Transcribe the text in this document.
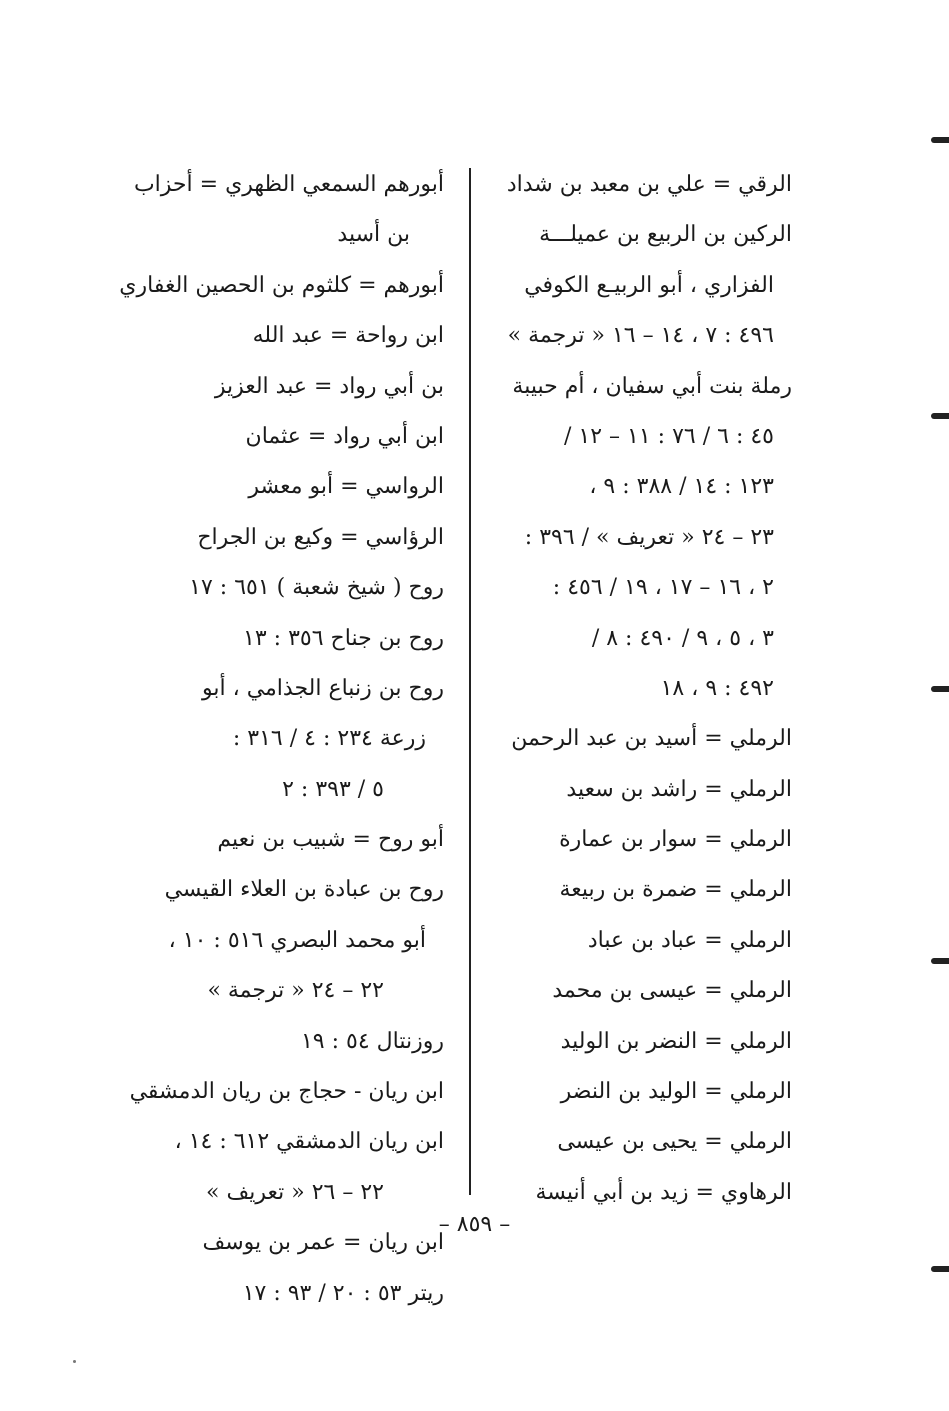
الرقي = علي بن معبد بن شداد
الركين بن الربيع بن عميلـــة
الفزاري ، أبو الربيـع الكوفي
٤٩٦ : ٧ ، ١٤ – ١٦ « ترجمة »
رملة بنت أبي سفيان ، أم حبيبة
٤٥ : ٦ / ٧٦ : ١١ – ١٢ /
١٢٣ : ١٤ / ٣٨٨ : ٩ ،
٢٣ – ٢٤ « تعريف » / ٣٩٦ :
٢ ، ١٦ – ١٧ ، ١٩ / ٤٥٦ :
٣ ، ٥ ، ٩ / ٤٩٠ : ٨ /
٤٩٢ : ٩ ، ١٨
الرملي = أسيد بن عبد الرحمن
الرملي = راشد بن سعيد
الرملي = سوار بن عمارة
الرملي = ضمرة بن ربيعة
الرملي = عباد بن عباد
الرملي = عيسى بن محمد
الرملي = النضر بن الوليد
الرملي = الوليد بن النضر
الرملي = يحيى بن عيسى
الرهاوي = زيد بن أبي أنيسة
أبورهم السمعي الظهري = أحزاب
بن أسيد
أبورهم = كلثوم بن الحصين الغفاري
ابن رواحة = عبد الله
بن أبي رواد = عبد العزيز
ابن أبي رواد = عثمان
الرواسي = أبو معشر
الرؤاسي = وكيع بن الجراح
روح ( شيخ شعبة ) ٦٥١ : ١٧
روح بن جناح ٣٥٦ : ١٣
روح بن زنباع الجذامي ، أبو
زرعة ٢٣٤ : ٤ / ٣١٦ :
٥ / ٣٩٣ : ٢
أبو روح = شبيب بن نعيم
روح بن عبادة بن العلاء القيسي
أبو محمد البصري ٥١٦ : ١٠ ،
٢٢ – ٢٤ « ترجمة »
روزنتال ٥٤ : ١٩
ابن ريان - حجاج بن ريان الدمشقي
ابن ريان الدمشقي ٦١٢ : ١٤ ،
٢٢ – ٢٦ « تعريف »
ابن ريان = عمر بن يوسف
ريتر ٥٣ : ٢٠ / ٩٣ : ١٧
– ٨٥٩ –
